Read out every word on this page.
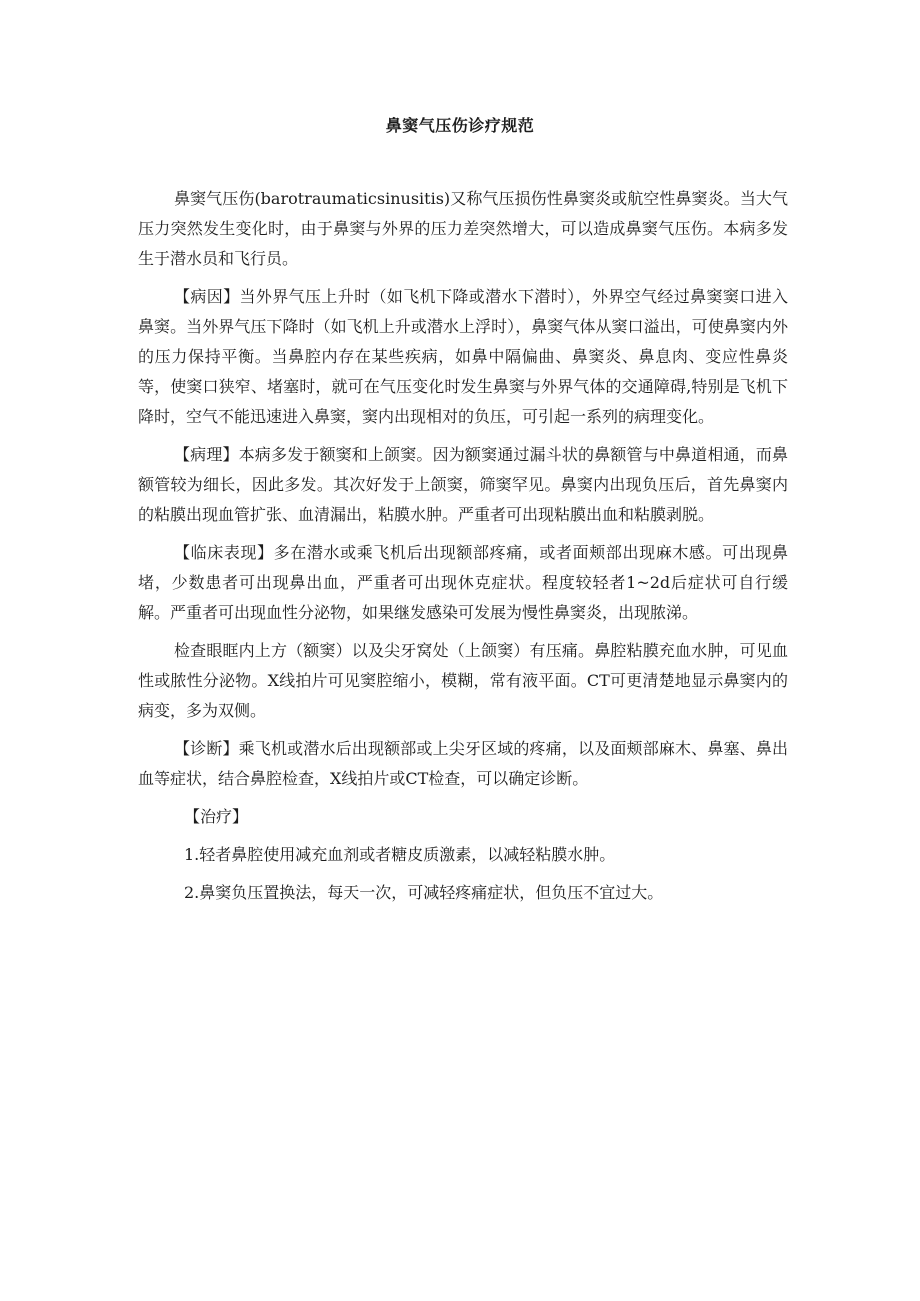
鼻窦气压伤诊疗规范

鼻窦气压伤(barotraumaticsinusitis)又称气压损伤性鼻窦炎或航空性鼻窦炎。当大气压力突然发生变化时，由于鼻窦与外界的压力差突然增大，可以造成鼻窦气压伤。本病多发生于潜水员和飞行员。

【病因】当外界气压上升时（如飞机下降或潜水下潜时），外界空气经过鼻窦窦口进入鼻窦。当外界气压下降时（如飞机上升或潜水上浮时），鼻窦气体从窦口溢出，可使鼻窦内外的压力保持平衡。当鼻腔内存在某些疾病，如鼻中隔偏曲、鼻窦炎、鼻息肉、变应性鼻炎等，使窦口狭窄、堵塞时，就可在气压变化时发生鼻窦与外界气体的交通障碍,特别是飞机下降时，空气不能迅速进入鼻窦，窦内出现相对的负压，可引起一系列的病理变化。

【病理】本病多发于额窦和上颌窦。因为额窦通过漏斗状的鼻额管与中鼻道相通，而鼻额管较为细长，因此多发。其次好发于上颌窦，筛窦罕见。鼻窦内出现负压后，首先鼻窦内的粘膜出现血管扩张、血清漏出，粘膜水肿。严重者可出现粘膜出血和粘膜剥脱。

【临床表现】多在潜水或乘飞机后出现额部疼痛，或者面颊部出现麻木感。可出现鼻堵，少数患者可出现鼻出血，严重者可出现休克症状。程度较轻者1~2d后症状可自行缓解。严重者可出现血性分泌物，如果继发感染可发展为慢性鼻窦炎，出现脓涕。

检查眼眶内上方（额窦）以及尖牙窝处（上颌窦）有压痛。鼻腔粘膜充血水肿，可见血性或脓性分泌物。X线拍片可见窦腔缩小，模糊，常有液平面。CT可更清楚地显示鼻窦内的病变，多为双侧。

【诊断】乘飞机或潜水后出现额部或上尖牙区域的疼痛，以及面颊部麻木、鼻塞、鼻出血等症状，结合鼻腔检查，X线拍片或CT检查，可以确定诊断。

【治疗】

1.轻者鼻腔使用减充血剂或者糖皮质激素，以减轻粘膜水肿。

2.鼻窦负压置换法，每天一次，可减轻疼痛症状，但负压不宜过大。
